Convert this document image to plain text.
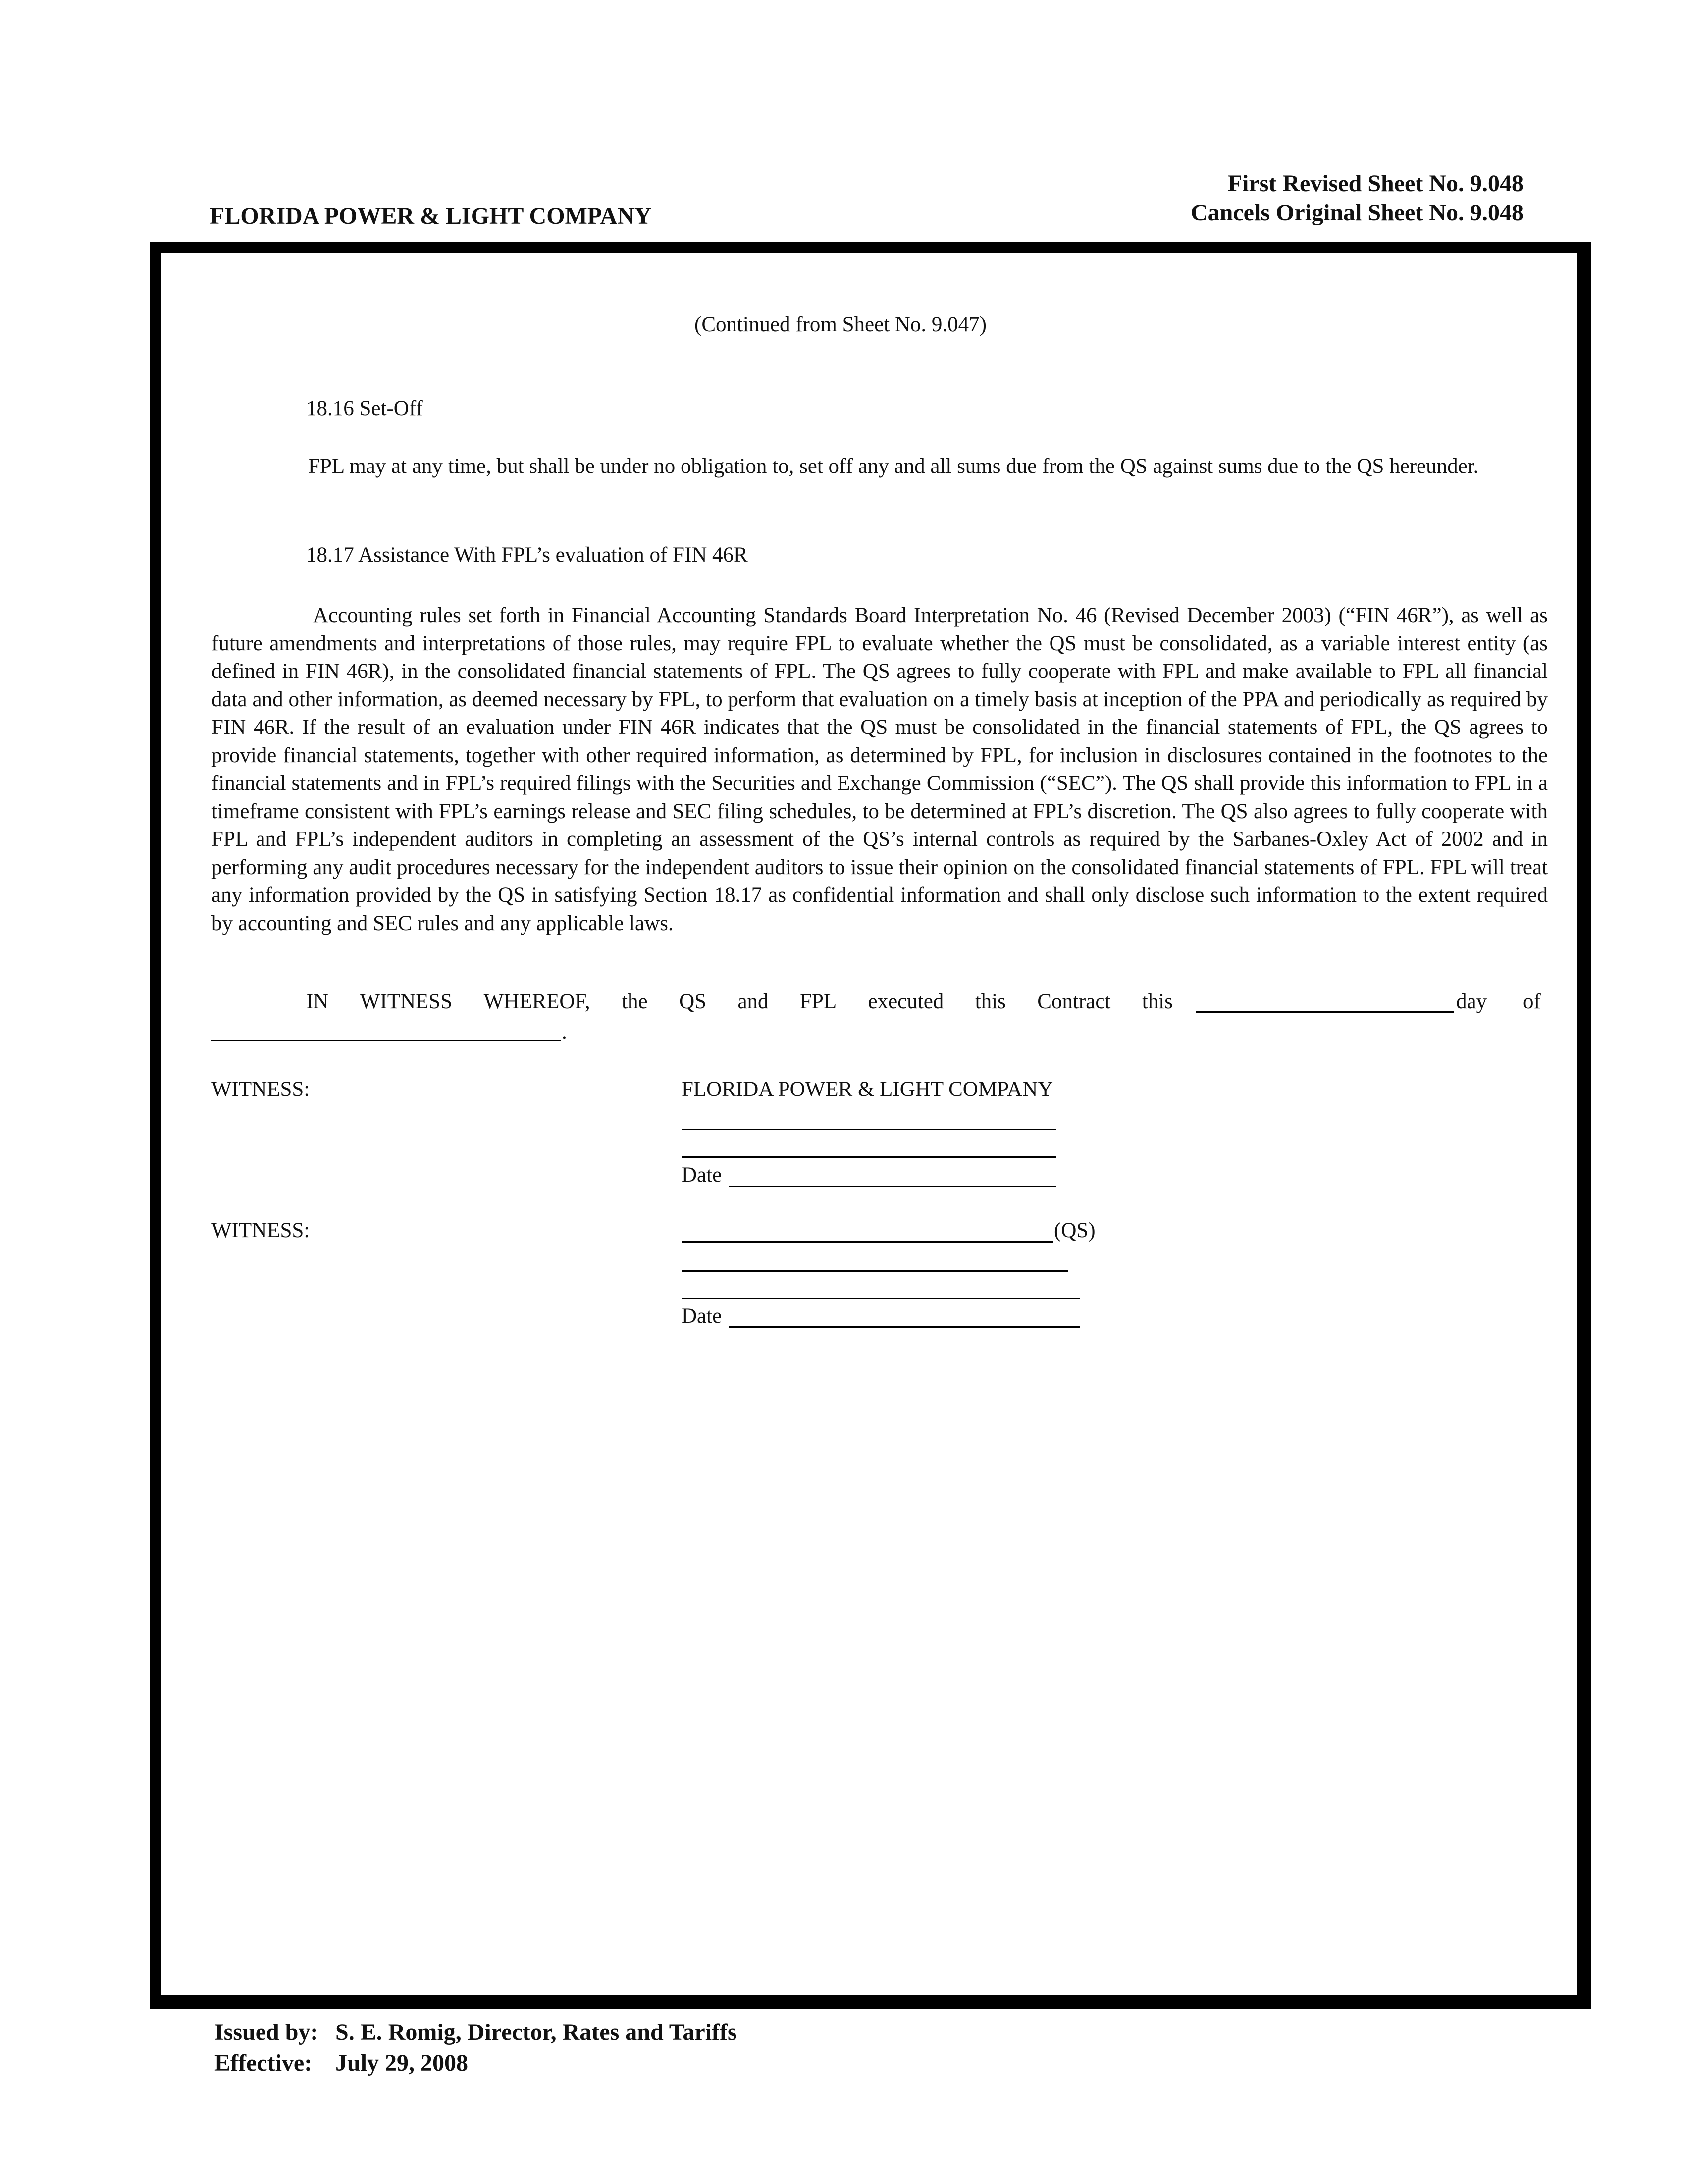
FLORIDA POWER & LIGHT COMPANY
First Revised Sheet No. 9.048
Cancels Original Sheet No. 9.048
(Continued from Sheet No. 9.047)
18.16 Set-Off
FPL may at any time, but shall be under no obligation to, set off any and all sums due from the QS against sums due to the QS hereunder.
18.17 Assistance With FPL’s evaluation of FIN 46R
Accounting rules set forth in Financial Accounting Standards Board Interpretation No. 46 (Revised December 2003) (“FIN 46R”), as well as future amendments and interpretations of those rules, may require FPL to evaluate whether the QS must be consolidated, as a variable interest entity (as defined in FIN 46R), in the consolidated financial statements of FPL. The QS agrees to fully cooperate with FPL and make available to FPL all financial data and other information, as deemed necessary by FPL, to perform that evaluation on a timely basis at inception of the PPA and periodically as required by FIN 46R. If the result of an evaluation under FIN 46R indicates that the QS must be consolidated in the financial statements of FPL, the QS agrees to provide financial statements, together with other required information, as determined by FPL, for inclusion in disclosures contained in the footnotes to the financial statements and in FPL’s required filings with the Securities and Exchange Commission (“SEC”). The QS shall provide this information to FPL in a timeframe consistent with FPL’s earnings release and SEC filing schedules, to be determined at FPL’s discretion. The QS also agrees to fully cooperate with FPL and FPL’s independent auditors in completing an assessment of the QS’s internal controls as required by the Sarbanes-Oxley Act of 2002 and in performing any audit procedures necessary for the independent auditors to issue their opinion on the consolidated financial statements of FPL. FPL will treat any information provided by the QS in satisfying Section 18.17 as confidential information and shall only disclose such information to the extent required by accounting and SEC rules and any applicable laws.
IN WITNESS WHEREOF, the QS and FPL executed this Contract this	day of
.
WITNESS:	FLORIDA POWER & LIGHT COMPANY
Date
WITNESS:	(QS)
Date
Issued by: S. E. Romig, Director, Rates and Tariffs
Effective: July 29, 2008
